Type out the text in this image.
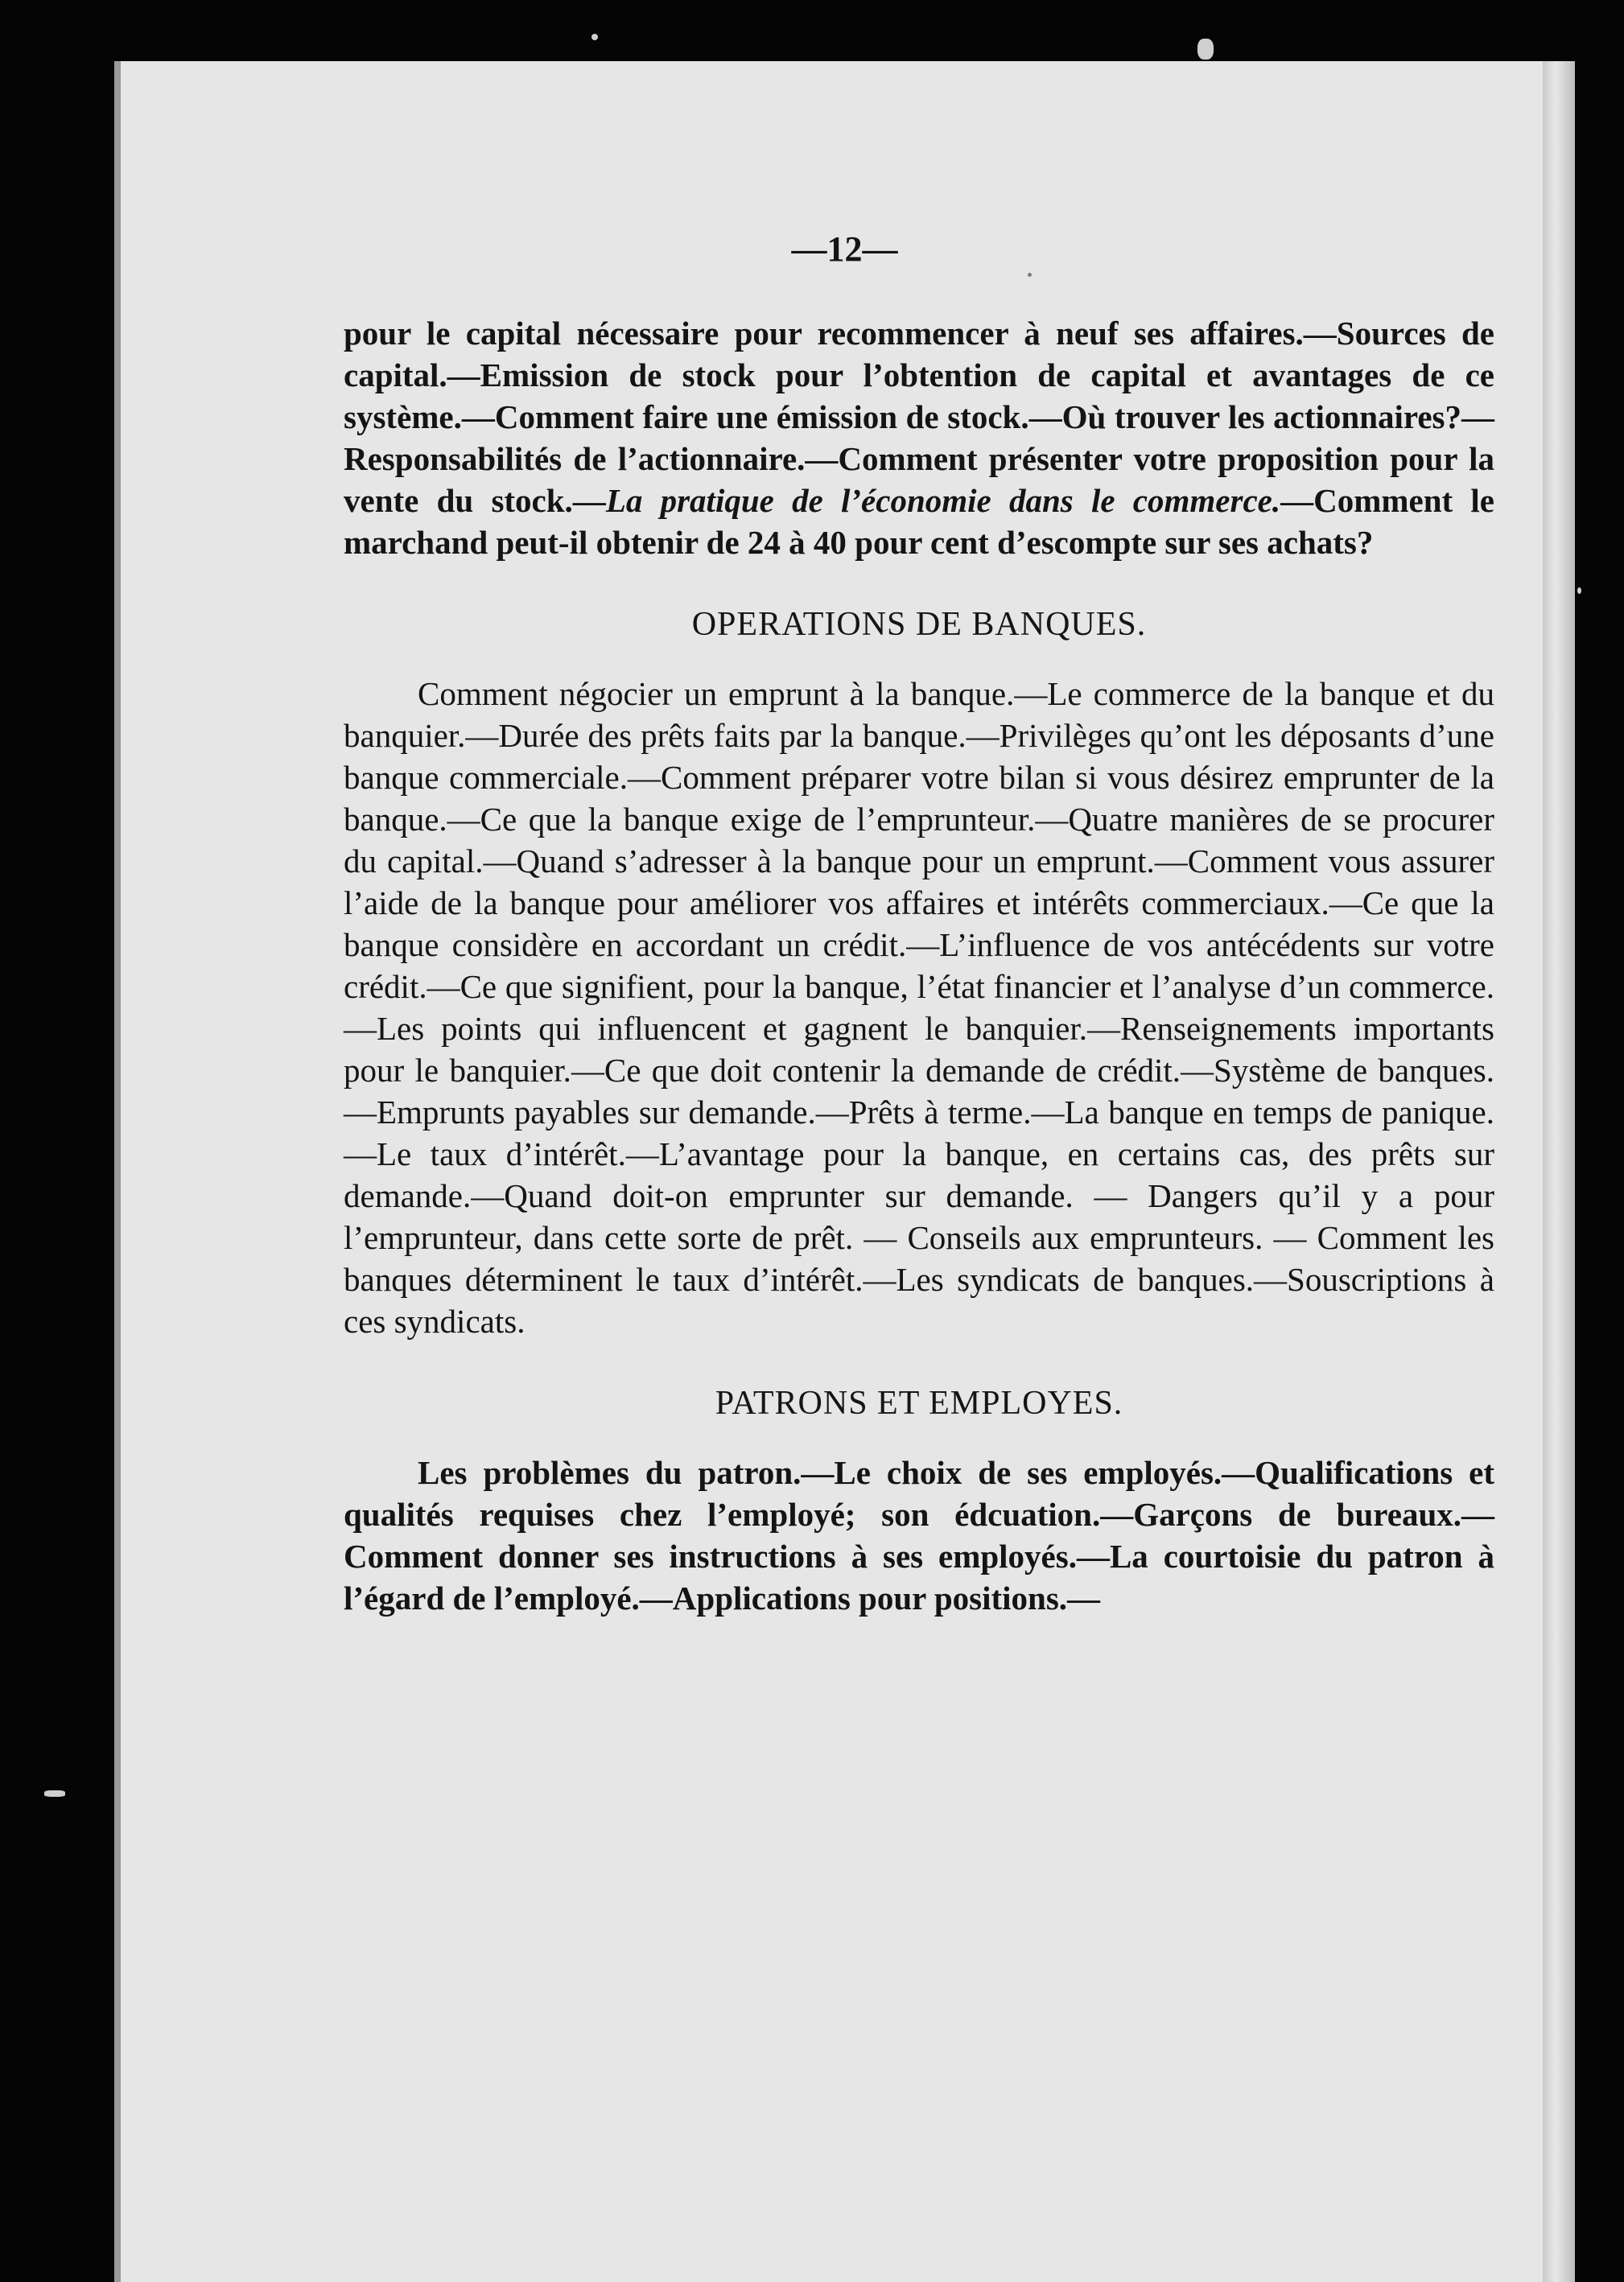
—12—

pour le capital nécessaire pour recommencer à neuf ses affaires.—Sources de capital.—Emission de stock pour l’obtention de capital et avantages de ce système.—Comment faire une émission de stock.—Où trouver les actionnaires?—Responsabilités de l’actionnaire.—Comment présenter votre proposition pour la vente du stock.—La pratique de l’économie dans le commerce.—Comment le marchand peut-il obtenir de 24 à 40 pour cent d’escompte sur ses achats?

OPERATIONS DE BANQUES.

Comment négocier un emprunt à la banque.—Le commerce de la banque et du banquier.—Durée des prêts faits par la banque.—Privilèges qu’ont les déposants d’une banque commerciale.—Comment préparer votre bilan si vous désirez emprunter de la banque.—Ce que la banque exige de l’emprunteur.—Quatre manières de se procurer du capital.—Quand s’adresser à la banque pour un emprunt.—Comment vous assurer l’aide de la banque pour améliorer vos affaires et intérêts commerciaux.—Ce que la banque considère en accordant un crédit.—L’influence de vos antécédents sur votre crédit.—Ce que signifient, pour la banque, l’état financier et l’analyse d’un commerce.—Les points qui influencent et gagnent le banquier.—Renseignements importants pour le banquier.—Ce que doit contenir la demande de crédit.—Système de banques.—Emprunts payables sur demande.—Prêts à terme.—La banque en temps de panique.—Le taux d’intérêt.—L’avantage pour la banque, en certains cas, des prêts sur demande.—Quand doit-on emprunter sur demande. — Dangers qu’il y a pour l’emprunteur, dans cette sorte de prêt. — Conseils aux emprunteurs. — Comment les banques déterminent le taux d’intérêt.—Les syndicats de banques.—Souscriptions à ces syndicats.

PATRONS ET EMPLOYES.

Les problèmes du patron.—Le choix de ses employés.—Qualifications et qualités requises chez l’employé; son édcuation.—Garçons de bureaux.—Comment donner ses instructions à ses employés.—La courtoisie du patron à l’égard de l’employé.—Applications pour positions.—
